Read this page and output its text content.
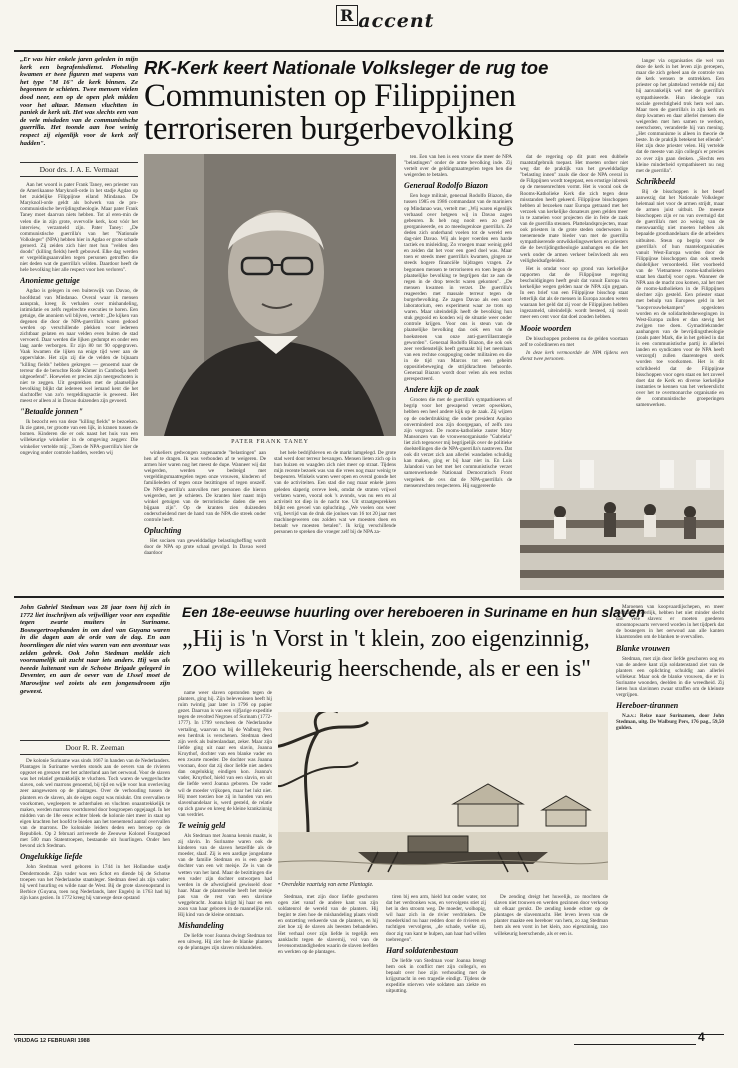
R accent
„Er was hier enkele jaren geleden in mijn kerk een begrafenisdienst. Plotseling kwamen er twee figuren met wapens van het type "M 16" de kerk binnen. Ze begonnen te schieten. Twee mensen vielen dood neer, een op de open plek midden voor het altaar. Mensen vluchtten in paniek de kerk uit. Het was slechts een van de vele misdaden van de communistische guerrilla. Het toonde aan hoe weinig respect zij eigenlijk voor de kerk zelf hadden".
Door drs. J. A. E. Vermaat
RK-Kerk keert Nationale Volksleger de rug toe
Communisten op Filippijnen terroriseren burgerbevolking
PATER FRANK TANEY

Aan het woord is pater Frank Taney, een priester van de Amerikaanse Maryknoll-orde in het stadje Agdao op het zuidelijke Filippijnse eiland Mindanao. De Maryknoll-orde geldt als bolwerk van de pro-communistische bevrijdingstheologie. Maar pater Frank Taney moet daarvan niets hebben. Tot al eren-min de velen die in zijn grote, overvolle kerk, kost vóór het interview, verzameld zijn. Pater Taney: „De communistische guerrilla's van het "Nationale Volksleger" (NPA) hebben hier in Agdao er grote schade geroerd. Zij zeiden zich hier met hun "velden den doods" (killing fields) heeft gebouwd. Elke dag werden er vergeldingsaanvallen tegen personen getroffen die niet deden wat de guerrilla's wilden. Daardoor heeft de hele bevolking hier alle respect voor hen verloren".

Anonieme getuige

Agdao is gelegen in een buitenwijk van Davao, de hoofdstad van Mindanao. Overal waar ik mensen aansprak, kreeg ik verhalen over mishandeling, intimidatie en zelfs regelrechte executies te horen. Een getuige, die anoniem wil blijven, vertelt: „De kijken van degenen die door de NPA-guerrilla's waren gedood werden op verschillende plekken voor iedereen zichtbaar gelaten en naar velden even buiten de stad vervoerd. Daar werden die lijken gedumpt en onder een laag aarde verborgen. Er zijn 80 tot 90 opgegraven. Vaak kwamen die lijken na enige tijd weer aan de oppervlakte. Het zijn zij die de velden de bijnaam "killing fields" hebben gekregen — genoemd naar de terreur die de beruchte Rode Khmer in Cambodja heeft uitgeoefend". Hoewelen er precies zijn neergeschoten is niet te zeggen. Uit gesprekken met de plaatselijke bevolking blijkt dat iedereen wel iemand kent die het slachtoffer van zo'n vergeldingsactie is geweest. Het meest er alleen al in Davao duizenden zijn gevoerd.

"Betaalde jonnen"

Ik bezocht een van deze "killing fields" te bezoeken. Ik zie gaten, ter grootte van een lijk, in kranen tussen de bomen. Kinderen die er ook naast het huis van een willekeurige winkelier in de omgeving zeggen: Die winkelier vertelde mij: „Toen de NPA-guerrilla's hier de ongeving onder controle hadden, werden wij	winkeliers gedwongen zogenaamde "belastingen" aan hen af te dragen. Ik was verbonden af te weigeren. De armen hier waren nog het meest de dupe. Wanneer wij dat weigerden, werden we bedreigd met vergeldingsmaatregelen tegen onze vrouwen, kinderen of familieleden of tegen onze bezittingen of tegen onszelf. De NPA-guerrilla's aanvullen met personen die hieron weigerden, net je schieten. De kranten hier naast mijn winkel getuigen van de terroristische daden die een bijgaan zijn". Op de kranten zien duizenden onderscheidend met de hand van de NPA die streek onder controle heeft.

Opluchting

Het sociaen van gewelddadige belastingheffing wordt door de NPA op grote schaal gevolgd. In Davao werd daardoor

het hele bedrijfsleven en de markt lamgelegd. De grote stad werd door terreur bevangen. Mensen lieten zich op in hun huizen en waagden zich niet meer op straat. Tijdens mijn recente bezoek was van die vrees nog maar weinig te bespeuren. Winkels waren weer open en overal gonsde het van de activiteiten. Een stad die nog maar enkele jaren geleden slaperig ovreve leek, omdat de straten vrijwel verlaten waren, vooral ook 's avonds, was nu een en al activiteit tot diep in de nacht toe. Uit straatgesprekken blijkt een gevoel van opluchting. „We voelen ons weer vrij, bevrijd van de druk die jonlues van 16 tot 20 jaar met machinegeweren ons zolden wat we moesten doen en betaalt we moesten betalen". Ik krijg verschillende personen te spreken die vroeger zelf bij de NPA za-

ten. Een van hen is een vrouw die meer de NPA "belastingen" onder de arme bevolking inde. Zij vertelt over de geldingmaatregelen tegen hen die weigerden te betalen.

Generaal Rodolfo Biazon

Een hoge militair, generaal Rodolfo Biazon, die tussen 1985 en 1986 commandant van de mariniers op Mindanao was, vertelt me: „Wij waren eigenlijk verbaasd over hetgeen wij in Davao zagen gebeuren. Ik heb nog nooit een zo goed georganiseerde, en zo meedogenloze guerrilla's. Ze deden zich onderhand voelen tot de wereld een dag-niet Davao. Wij als leger voerden een harde tactiek en misleiding. Zo vroegen maar weinig geld en zeiden dat het voor een goed doel was. Maar toen er steeds meer guerrilla's kwamen, gingen ze steeds hogere financiële bijdragen vragen. Ze begonnen mensen te terroriseren en toen begon de plaatselijke bevolking te begrijpen dat ze aan de regen in de drop terecht waren gekomen". „De mensen kwamen in verzet. De guerrilla's reageerden met massale terreur tegen de burgerbevolking. Ze zagen Davao als een soort laboratorium, een experiment waar ze trots op waren. Maar uiteindelijk heeft de bevolking hun stuk gegooid en konden wij de situatie weer onder controle krijgen. Voor ons is steun van de plaatselijke bevolking dan ook een van de hoekstenen van onze anti-guerrillastrategie geworden". Generaal Rodolfo Biazon, die ook ook zeer verdienstelijk heeft gemaakt bij het neerslaan van een rechtse couppoging onder militairen en die in de tijd van Marcos tot een geheim oppositiebeweging de strijdkrachten behoorde. Generaal Biazon wordt door velen als een rechts gerespecteerd.

Andere kijk op de zaak

Grooten die met de guerrilla's sympathiseren of begrip voor het gewapend verzet opwekken, hebben een heel andere kijk op de zaak. Zij wijzen op de onderdrukking die onder president Aquino onverminderd zou zijn doorgegaan, of zelfs zou zijn vergroot. De rooms-katholieke zuster Mary Mansonzen van de vrouwenorganisatie "Gabriela" liet zich tegenover mij begrijpelijk over de politieke doelstellingen die de NPA-guerrilla's nastreven. Dat ook dit verzet zich aan allerlei wandaden schuldig kan maken, ging er bij haar niet in. En Luis Jalandoni van het met het communistische verzet samenwerkende Nationaal Democratisch Front vergeleek de ovs dat de NPA-guerrilla's de mensenrechten respecteren. Hij suggereerde

dat de regering op dit punt een dubbele maatstafgebruik toepast. Het moeten ordner niet weg dat de praktijk van het gewelddadige "belasting innen" zoals die door de NPA overal in de Filippijnen wordt toegepast, een ernstige inbreuk op de mensenrechten vormt. Het is vooral ook de Rooms-Katholieke Kerk die zich tegen deze misstanden heeft gekeerd. Filippijnse bisschoppen hebben al bezoeken naar Europa getraand met het verzoek van kerkelijke donateurs geen gelden meer in te zamelen voor projecten die in feite de zaak van de guerrilla steunen. Plattelandsprojecten, maar ook priesters in de grote steden onderwezen in toenemende mate bieder van met de guerrilla sympathiserende ontwikkelingswerkers en priesters die de bevrijdingstheologie aanhangen en die het werk onder de armen verkeer beïnvloedt als een veiligheidsafgeleiden.

Het is omdat voor op grond van kerkelijke rapporten dat de Filippijnse regering beschuldigingen heeft geuit dat vanuit Europa via kerkelijke wegen gelden naar de NPA zijn gegaan. In een brief van een Filippijnse bisschop staat letterlijk dat als de mensen in Europa zouden weten waaraan het geld dat zij voor de Filippijnen hebben ingezameld, uiteindelijk wordt besteed, zij nooit meer een cent voor dat doel zouden hebben.

Mooie woorden

De bisschoppen proberen nu de gelden voortaan zelf te coördineren en met

In deze kerk vermoordde de NPA tijdens een dienst twee personen.

langer via organisaties die wel van deze de kerk in het leven zijn geroepen, maar die zich geheel aan de controle van de kerk wensen te onttrekken. Een priester op het platteland vertelde mij dat hij aanvankelijk wel met de guerrilla's sympathiseerde. Hun ideologie van sociale gerechtigheid trok hem wel aan. Maar toen de guerrilla's in zijn kerk en dorp kwamen en daar allerlei mensen die weigerden met hen samen te werken, neerschoten, veranderde hij van mening. „Het communisme is alleen in theorie de beste. In de praktijk betekent het ellende". Het zijn deze priester velen. Hij vertelde dat de meeste van zijn collega's er precies zo over zijn gaan denken. „Slechts een kleine minderheid sympathiseert nu nog met de guerrilla".

Schrikbeeld

Bij de bisschoppen is het besef aanwezig dat het Nationale Volksleger helemaal niet voor de armen strijdt, maar de armen juist uitbuit. De meeste bisschoppen zijn er nu van overtuigd dat de guerrilla's met zo weinig van de menswaardig niet moeten hebben als bepaalde groothandelaars die de arbeiders uitbuiten. Steun op begrip voor de guerrilla's of hun mantelorganisaties vanuit West-Europa worden door de Filippijnse bisschoppen dan ook steeds duidelijker veroordeeld. Het voorbeeld van de Vietnamese rooms-katholieken staat hen daarbij voor ogen. Wanneer de NPA aan de macht zou komen, zal het met de rooms-katholieken in de Filippijnen slechter zijn gesteld. Een priester staat met behulp van Europees geld in het "koopvrouwbekampen" opgesloten worden en de solidariteitsbewegingen in West-Europa zullen er dan stevig het zwijgen toe doen. Gymadriekrander aanhangers van de bevrijdingstheologie (zoals pater Mark, die in het gebied in dat is een communistische partij in allerlei landen en syndicaten voor de NPA heeft verzorgd) zullen daarentegen sterk worden toe voorkomen. Het is dit schrikbeeld dat de Filippijnse bisschoppen voor ogen staat en het zoveel doet dat de Kerk en diverse kerkelijke instanties te kennen van het verkeerslicht over het te overmonarche organisatie en de communistische groeperingen samenwerken.

John Gabriel Stedman was 28 jaar toen hij zich in 1772 liet inschrijven als vrijwilliger voor een expeditie tegen zwarte muiters in Suriname. Bosnegertroepbanden in om deel van Guyana waren in die dagen aan de orde van de dag. En aan hoornlingen die niet vies waren van een avontuur was zelden gebrek. Ook John Stedman meldde zich voornamelijk uit zucht naar iets anders. Hij was als tweede luitenant van de Schotse Brigade gelegerd in Deventer, en aan de oever van de IJssel moet de Marowijne wel zoiets als een jongensdroom zijn geweest.
Door R. R. Zeeman
Een 18e-eeuwse huurling over hereboeren in Suriname en hun slaven
„Hij is 'n Vorst in 't klein, zoo eigenzinnig, zoo willekeurig heerschende, als er een is"

De kolonie Suriname was sinds 1667 in handen van de Nederlanders. Plantages in Suriname werden stonds aan de oevers van de rivieren opgezet en grenzen met het achterland aan het oerwoud. Voor de slaven was het relatief gemakkelijk te vluchten. Toch waren de weggevluchte slaven, ook wel marrons genoemd, bij tijd en wijle voor hun overleving zeer aangewezen op de plantages. Over de verhouding tussen de planters en de slaven, als de eigen oogst was mislukt. Om overvallen te voorkomen, wegleepers te achterhalen en vluchten onaantrekkelijk te maken, werden marrons voortdurend door bosgroepen opgejaagd. In het midden van de 18e eeuw echter bleek de kolonie niet meer in staat op eigen krachten het hoofd te bieden aan het toenemend aantal overvallen van de marrons. De koloniale leiders deden een beroep op de Republiek. Op 2 februari arriveerde de Zeeuwse Kolonel Fourgeoud met 500 man Statentroepen, bestaande uit huurlingen. Onder hen bevond zich Stedman.

Ongelukkige liefde

John Stedman werd geboren in 1744 in het Hollandse stadje Dendermonde. Zijn vader was een Schot en diende bij de Schotse troepen van het Nederlandse staatsleger. Stedman deed als zijn vader: hij werd huurling en wilde naar de West. Bij de grote slavenopstand in Berbice (Guyana, toen nog Nederlands, later Engels) in 1763 had hij zijn kans gezien. In 1772 kreeg hij vanwege deze opstand

name weer slaven opstonden tegen de planters, ging hij. Zijn belevenissen heeft hij ruim twintig jaar later in 1796 op papier gezet. Daarvan is van een vijfjarige expeditie tegen de revolted Negroes of Surinam (1772-1777). In 1799 verscheen de Nederlandse vertaling, waarvan nu bij de Walburg Pers een herdruk is verschenen. Stedman deed zijn werk als buitenlandaat, zeker. Maar zijn liefde ging uit naar een slavin, Joanna Kruythof, dochter van een blanke vader en een zwarte moeder. De dochter was Joanna vooraan, door dat zij door liefde niet anders dan ongelukkig eindigen kon. Joanna's vader, Kruythof, hield van een slavin, en uit die liefde werd Joanna geboren. De vader wil de moeder vrijkopen, maar het lukt niet. Hij moet toezien hoe zij in handen van een slavenhandelaar is, werd gesteld, de relatie op zich gauw en kreeg de kleine krankzinnig van verdriet.

Te weinig geld

Als Stedman met Joanna kennis maakt, is zij slavin. In Suriname waren ook de kinderen van de slaven hetzelfde als de moeder, slaaf. Zij is een aardige jongedame van de familie Stedman en is een goede dochter van een wit meisje. Ze is van de wetten van het land. Maar de bezittingen die een vader zijn dochter ontworpen had werden in de afwezigheid gewisseld door haar. Maar de planterselite heeft het meisje pas van de rest van een slavinne weggebracht. Joanna krijgt hij haar en een zoon van haar geboren in de mannelijke rol. Hij kind van de kleine ontstaan.

Mishandeling

De liefde voor Joanna dwingt Stedman tot een uitweg. Hij ziet hoe de blanke planters op de plantages zijn slaven mishandelen.

• Overdekte vaartuig van eene Plantagie.

Stedman, met zijn door liefde geschoren ogen ziet vanaf de andere kant van zijn soldatenrol de wereld van de planters. Hij begint te zien hoe de mishandeling plaats vindt en ontzetting verkeerde van de planters, en hij ziet hoe zij de slaven als beesten behandelen. Het verhaal over zijn liefde is tegelijk een aanklacht tegen de slavernij, vol van de levensomstandigheden waarin de slaven leefden en werkten op de plantages.

tiren bij een arm, hield hut onder water, tot dat het verdronken was, en vervolgens stiet zij het in den stroom weg. De moeder, wolhopig, wil haar zich in de rivier verdrinken. De moederkind nu haar redden door de rivieren en tuchtigen vervolgens, „de schade, welke zij, door zig van kant te hulpen, aan haar had willen toebrengen".

Hard soldatenbestaan

De liefde van Stedman voor Joanna brengt hem ook in conflict met zijn collega's, en bepaalt over hoe zijn verhouding met de krijgsmacht in een tragedie eindigt. Tijdens de expeditie stierven vele soldaten aan ziekte en uitputting.

De zending dreigt het huwelijk, zo mochten de slaven niet trouwen en werden gezinnen door verkoop uit elkaar gerukt. De zending kende echter op de plantages de slavenmacht. Het leven leven van de planter maakte een hereboer van hem, zo zag Stedman hem als een vorst in het klein, zoo eigenzinnig, zoo willekeurig heerschende, als er een is.

Maroenen van koopvaardijschepen, en meer Stedman onderlijk, hebben het niet minder slecht dan vele slaven: er moeten goederen stroomopwaarts vervoerd worden in het tijdperk dat de bosnegers in het oerwoud aan alle kanten klaarstonden om de blanken te overvallen.

Blanke vrouwen

Stedman, met zijn door liefde geschoren oog en van de andere kant zijn soldatenstand ziet van de planters een oplichting schuldig aan allerlei willekeur. Maar ook de blanke vrouwen, die er in Suriname woonden, deelden in die wreedheid. Zij lieten hun slavinnen zwaar straffen om de kleinste vergrijpen.

Hereboer-tirannen

N.a.v.: Reize naar Surinamen, door John Stedman, uitg. De Walburg Pers, 176 pag., 59,50 gulden.

VRIJDAG 12 FEBRUARI 1988	4
